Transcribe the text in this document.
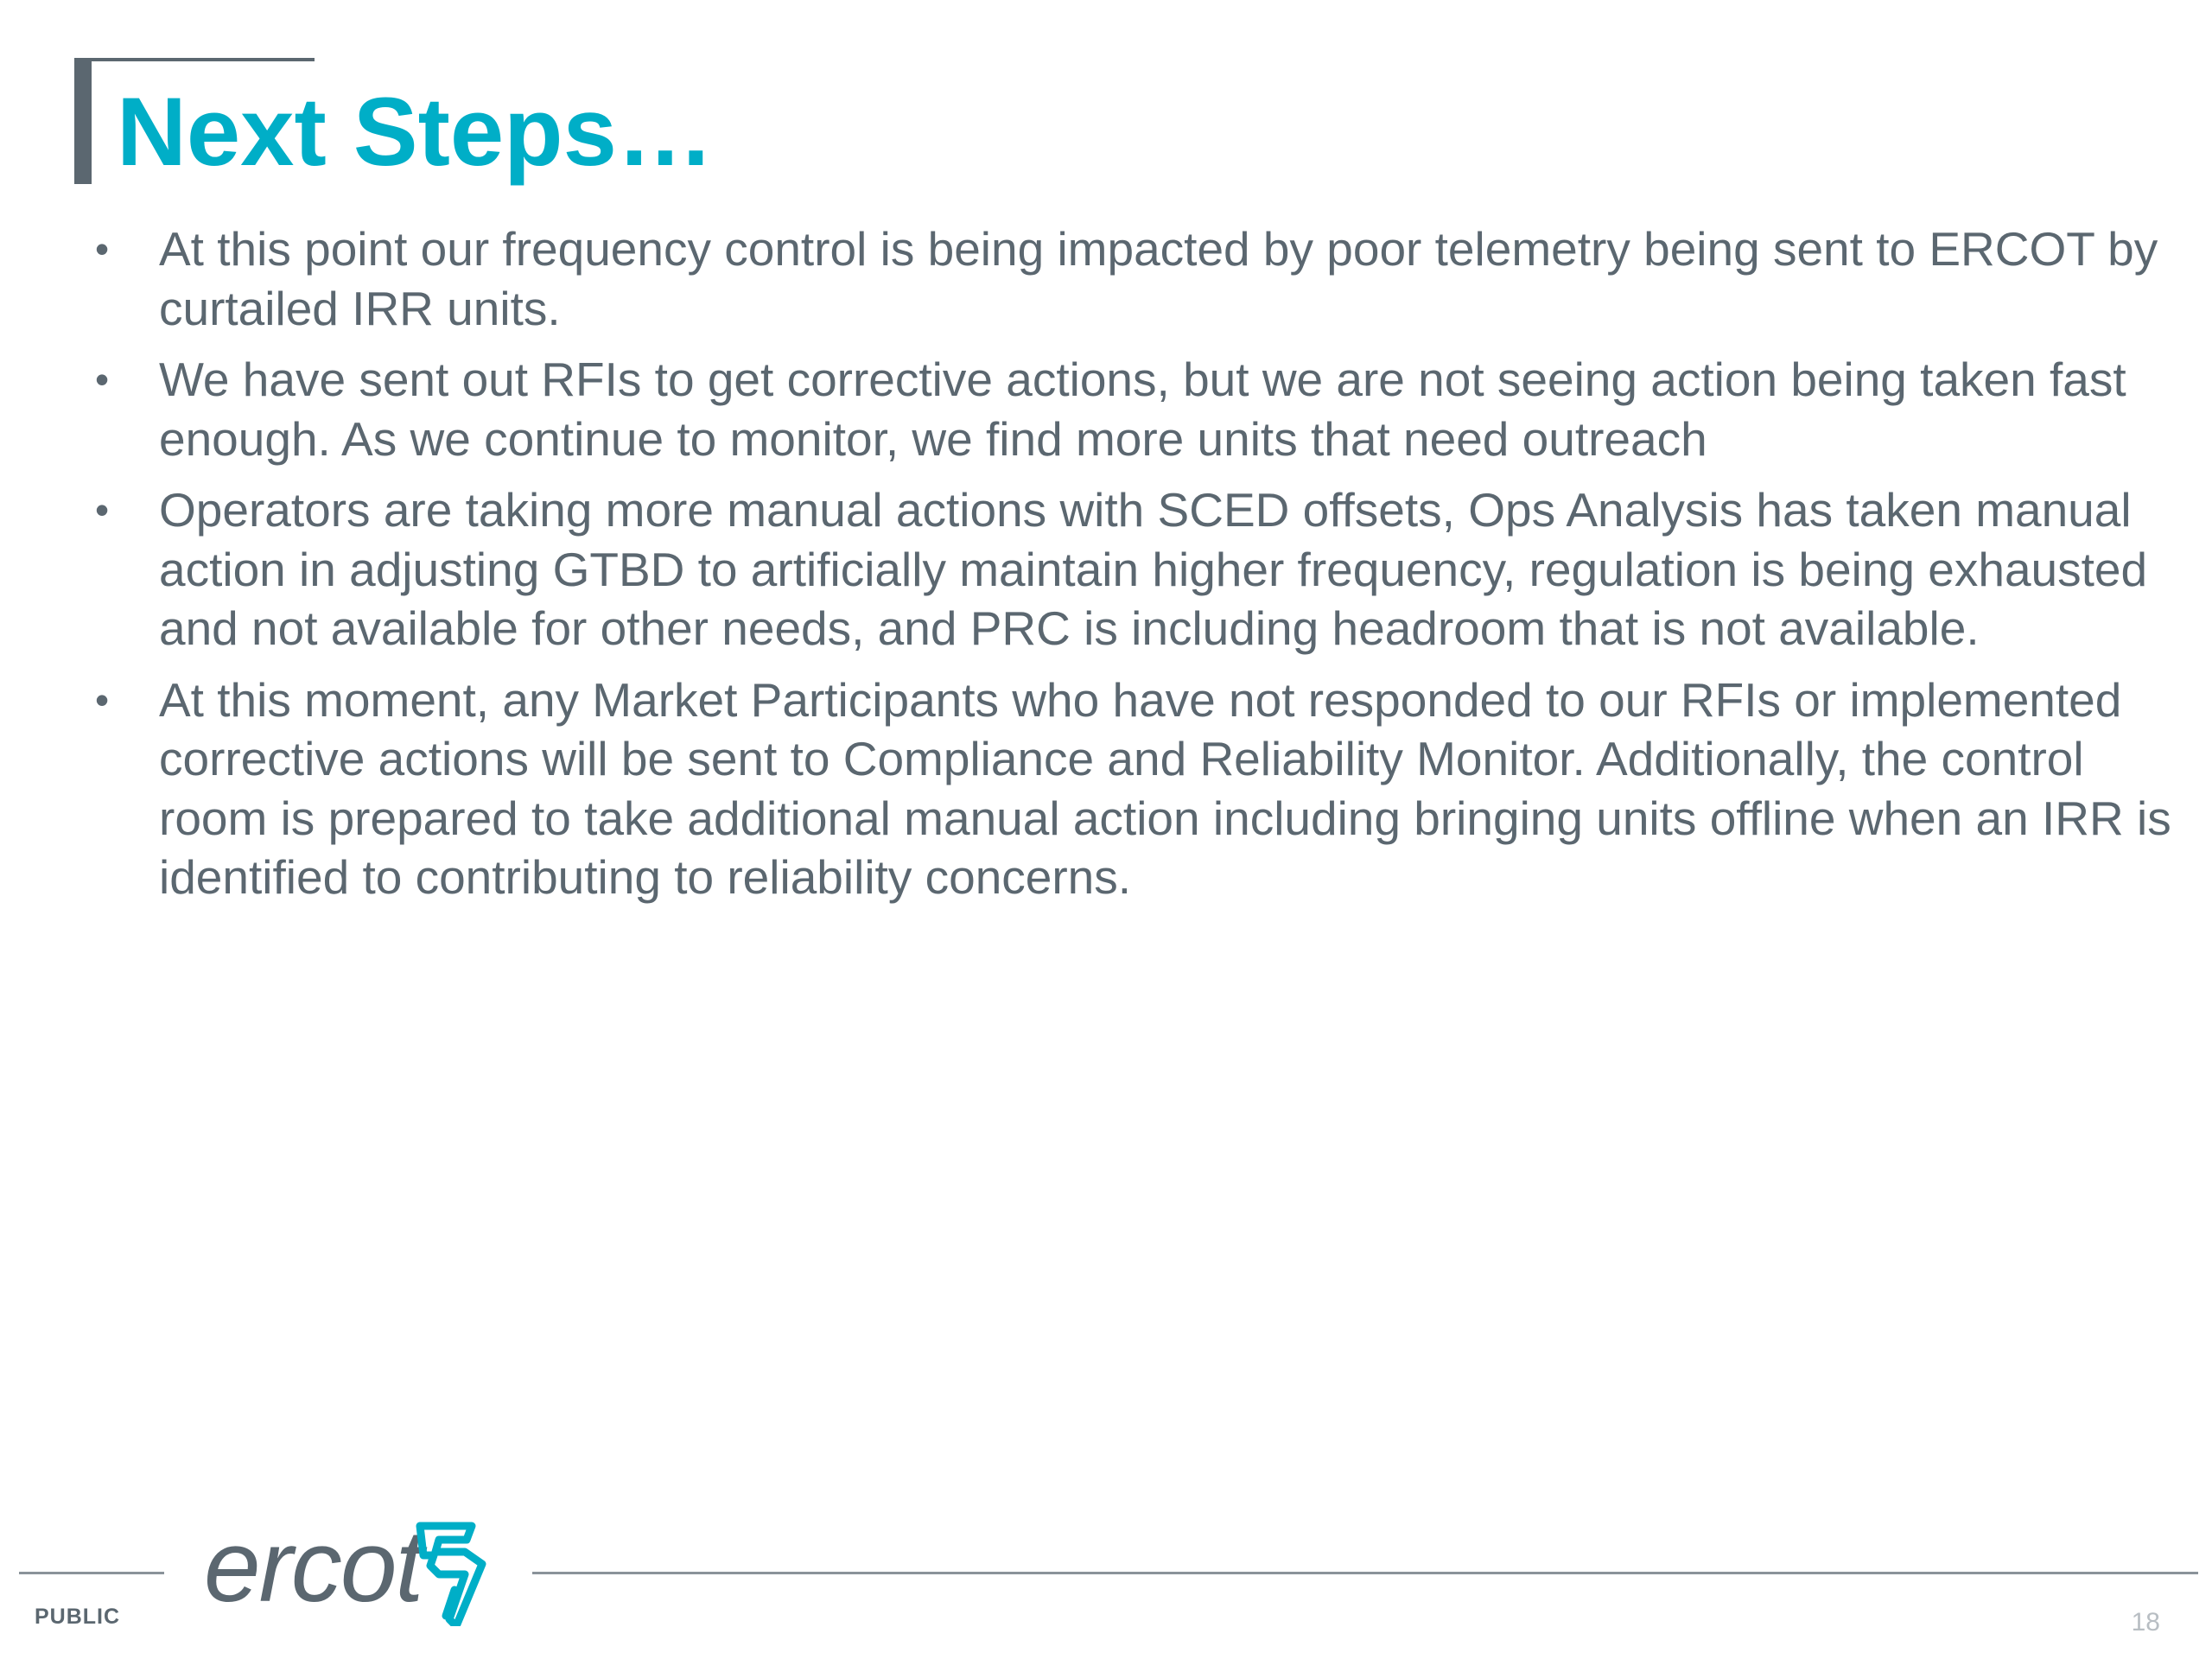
Next Steps…
• At this point our frequency control is being impacted by poor telemetry being sent to ERCOT by curtailed IRR units.
• We have sent out RFIs to get corrective actions, but we are not seeing action being taken fast enough. As we continue to monitor, we find more units that need outreach
• Operators are taking more manual actions with SCED offsets, Ops Analysis has taken manual action in adjusting GTBD to artificially maintain higher frequency, regulation is being exhausted and not available for other needs, and PRC is including headroom that is not available.
• At this moment, any Market Participants who have not responded to our RFIs or implemented corrective actions will be sent to Compliance and Reliability Monitor. Additionally, the control room is prepared to take additional manual action including bringing units offline when an IRR is identified to contributing to reliability concerns.
ercot
PUBLIC	18
